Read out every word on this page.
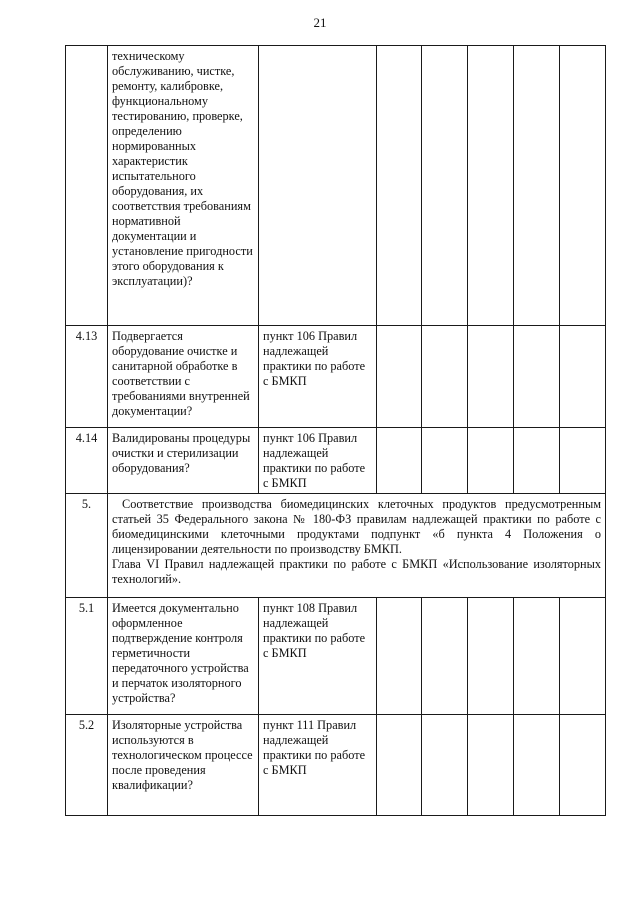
21
	техническому обслуживанию, чистке, ремонту, калибровке, функциональному тестированию, проверке, определению нормированных характеристик испытательного оборудования, их соответствия требованиям нормативной документации и установление пригодности этого оборудования к эксплуатации)?						
4.13	Подвергается оборудование очистке и санитарной обработке в соответствии с требованиями внутренней документации?	пункт 106 Правил надлежащей практики по работе с БМКП					
4.14	Валидированы процедуры очистки и стерилизации оборудования?	пункт 106 Правил надлежащей практики по работе с БМКП					
5.	Соответствие производства биомедицинских клеточных продуктов предусмотренным статьей 35 Федерального закона № 180-ФЗ правилам надлежащей практики по работе с биомедицинскими клеточными продуктами подпункт «б пункта 4 Положения о лицензировании деятельности по производству БМКП.
Глава VI Правил надлежащей практики по работе с БМКП «Использование изоляторных технологий».						

5.1	Имеется документально оформленное подтверждение контроля герметичности передаточного устройства и перчаток изоляторного устройства?	пункт 108 Правил надлежащей практики по работе с БМКП					
5.2	Изоляторные устройства используются в технологическом процессе после проведения квалификации?	пункт 111 Правил надлежащей практики по работе с БМКП					
